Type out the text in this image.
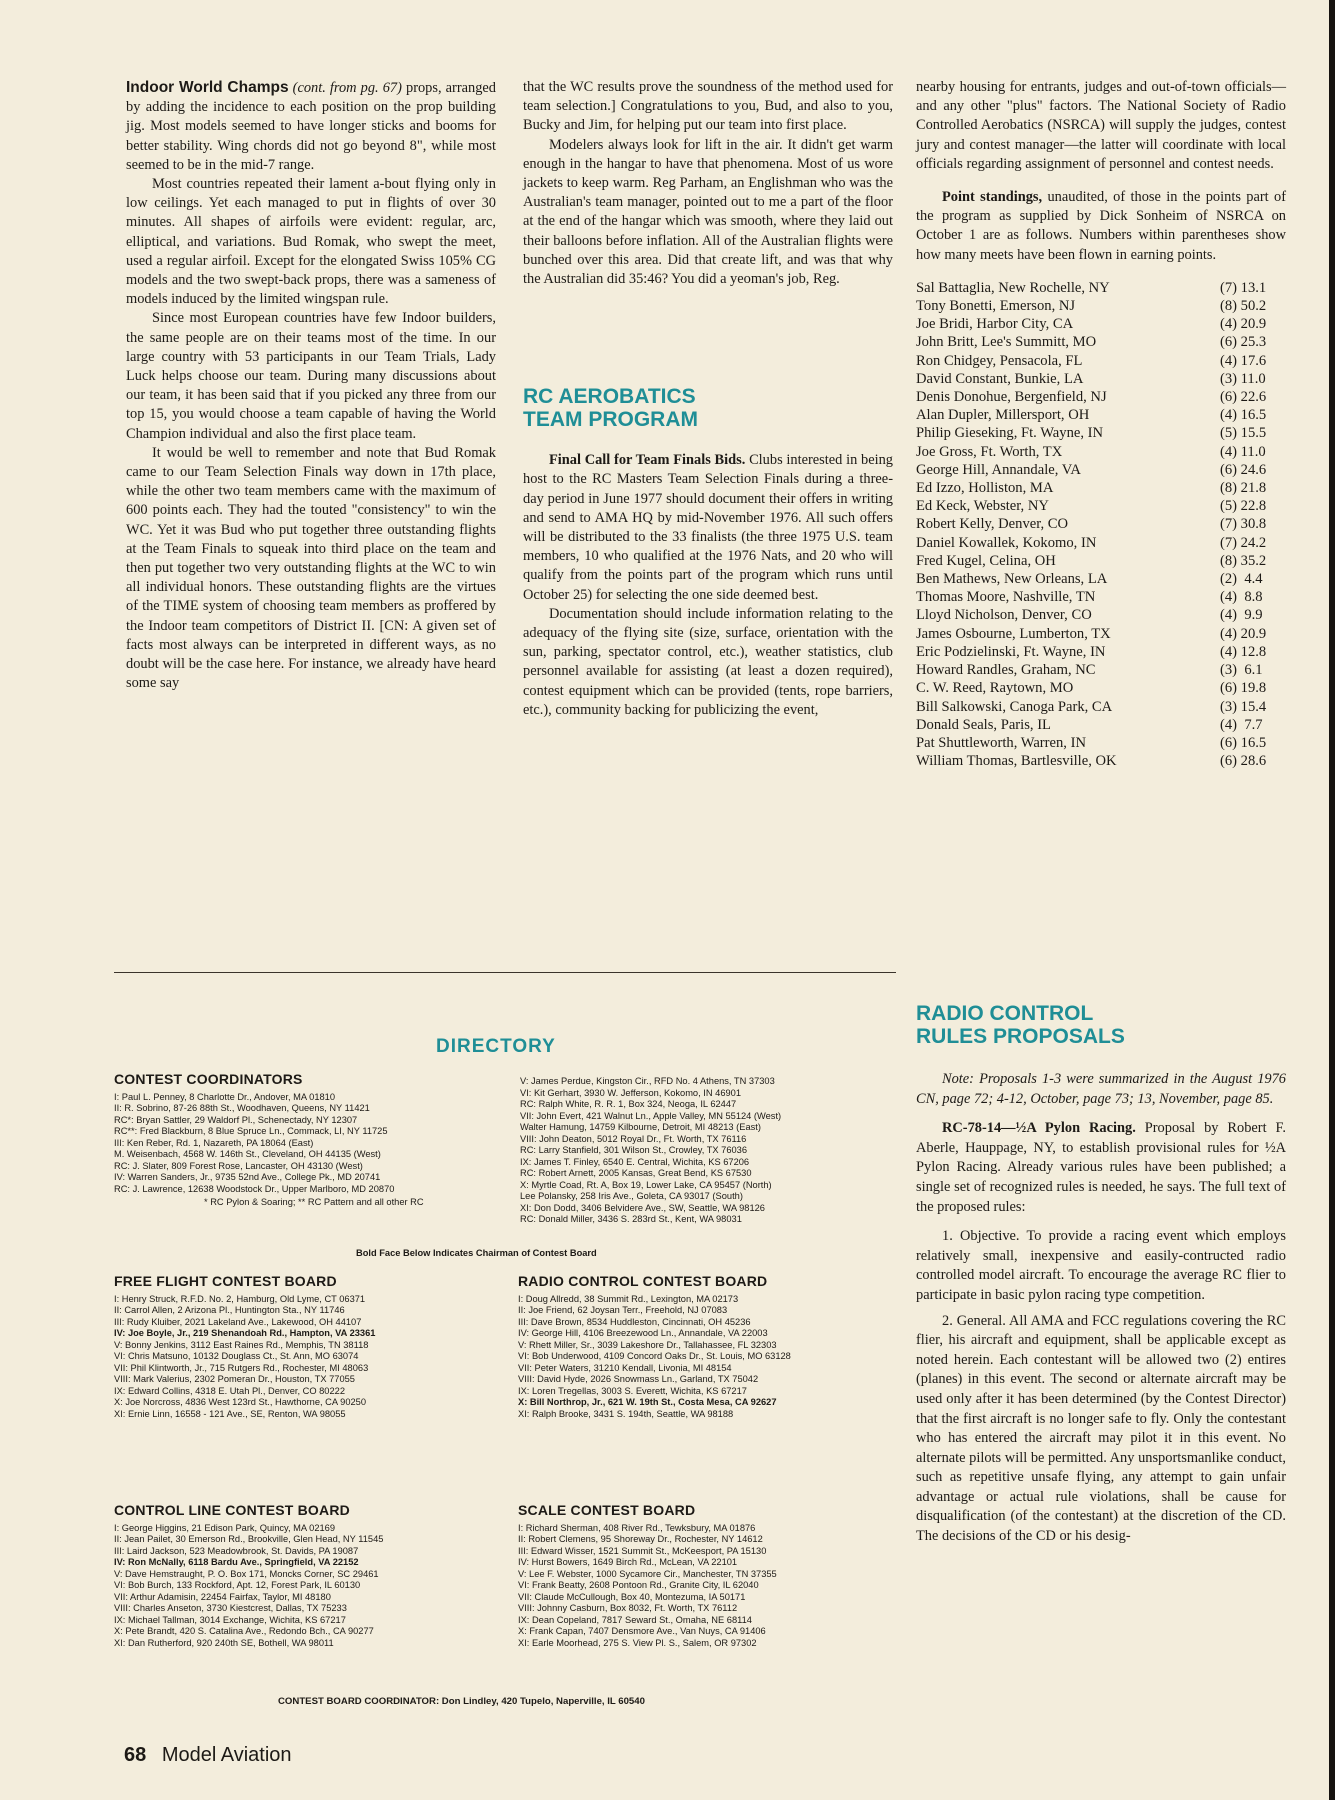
Indoor World Champs (cont. from pg. 67) props, arranged by adding the incidence to each position on the prop building jig. Most models seemed to have longer sticks and booms for better stability. Wing chords did not go beyond 8", while most seemed to be in the mid-7 range.

Most countries repeated their lament a-bout flying only in low ceilings. Yet each managed to put in flights of over 30 minutes. All shapes of airfoils were evident: regular, arc, elliptical, and variations. Bud Romak, who swept the meet, used a regular airfoil. Except for the elongated Swiss 105% CG models and the two swept-back props, there was a sameness of models induced by the limited wingspan rule.

Since most European countries have few Indoor builders, the same people are on their teams most of the time. In our large country with 53 participants in our Team Trials, Lady Luck helps choose our team. During many discussions about our team, it has been said that if you picked any three from our top 15, you would choose a team capable of having the World Champion individual and also the first place team.

It would be well to remember and note that Bud Romak came to our Team Selection Finals way down in 17th place, while the other two team members came with the maximum of 600 points each. They had the touted "consistency" to win the WC. Yet it was Bud who put together three outstanding flights at the Team Finals to squeak into third place on the team and then put together two very outstanding flights at the WC to win all individual honors. These outstanding flights are the virtues of the TIME system of choosing team members as proffered by the Indoor team competitors of District II. [CN: A given set of facts most always can be interpreted in different ways, as no doubt will be the case here. For instance, we already have heard some say

that the WC results prove the soundness of the method used for team selection.] Congratulations to you, Bud, and also to you, Bucky and Jim, for helping put our team into first place.

Modelers always look for lift in the air. It didn't get warm enough in the hangar to have that phenomena. Most of us wore jackets to keep warm. Reg Parham, an Englishman who was the Australian's team manager, pointed out to me a part of the floor at the end of the hangar which was smooth, where they laid out their balloons before inflation. All of the Australian flights were bunched over this area. Did that create lift, and was that why the Australian did 35:46? You did a yeoman's job, Reg.

RC AEROBATICS
TEAM PROGRAM

Final Call for Team Finals Bids. Clubs interested in being host to the RC Masters Team Selection Finals during a three-day period in June 1977 should document their offers in writing and send to AMA HQ by mid-November 1976. All such offers will be distributed to the 33 finalists (the three 1975 U.S. team members, 10 who qualified at the 1976 Nats, and 20 who will qualify from the points part of the program which runs until October 25) for selecting the one side deemed best.

Documentation should include information relating to the adequacy of the flying site (size, surface, orientation with the sun, parking, spectator control, etc.), weather statistics, club personnel available for assisting (at least a dozen required), contest equipment which can be provided (tents, rope barriers, etc.), community backing for publicizing the event,

nearby housing for entrants, judges and out-of-town officials—and any other "plus" factors. The National Society of Radio Controlled Aerobatics (NSRCA) will supply the judges, contest jury and contest manager—the latter will coordinate with local officials regarding assignment of personnel and contest needs.

Point standings, unaudited, of those in the points part of the program as supplied by Dick Sonheim of NSRCA on October 1 are as follows. Numbers within parentheses show how many meets have been flown in earning points.

Sal Battaglia, New Rochelle, NY	(7) 13.1
Tony Bonetti, Emerson, NJ	(8) 50.2
Joe Bridi, Harbor City, CA	(4) 20.9
John Britt, Lee's Summitt, MO	(6) 25.3
Ron Chidgey, Pensacola, FL	(4) 17.6
David Constant, Bunkie, LA	(3) 11.0
Denis Donohue, Bergenfield, NJ	(6) 22.6
Alan Dupler, Millersport, OH	(4) 16.5
Philip Gieseking, Ft. Wayne, IN	(5) 15.5
Joe Gross, Ft. Worth, TX	(4) 11.0
George Hill, Annandale, VA	(6) 24.6
Ed Izzo, Holliston, MA	(8) 21.8
Ed Keck, Webster, NY	(5) 22.8
Robert Kelly, Denver, CO	(7) 30.8
Daniel Kowallek, Kokomo, IN	(7) 24.2
Fred Kugel, Celina, OH	(8) 35.2
Ben Mathews, New Orleans, LA	(2)  4.4
Thomas Moore, Nashville, TN	(4)  8.8
Lloyd Nicholson, Denver, CO	(4)  9.9
James Osbourne, Lumberton, TX	(4) 20.9
Eric Podzielinski, Ft. Wayne, IN	(4) 12.8
Howard Randles, Graham, NC	(3)  6.1
C. W. Reed, Raytown, MO	(6) 19.8
Bill Salkowski, Canoga Park, CA	(3) 15.4
Donald Seals, Paris, IL	(4)  7.7
Pat Shuttleworth, Warren, IN	(6) 16.5
William Thomas, Bartlesville, OK	(6) 28.6
RADIO CONTROL
RULES PROPOSALS

Note: Proposals 1-3 were summarized in the August 1976 CN, page 72; 4-12, October, page 73; 13, November, page 85.

RC-78-14—½A Pylon Racing. Proposal by Robert F. Aberle, Hauppage, NY, to establish provisional rules for ½A Pylon Racing. Already various rules have been published; a single set of recognized rules is needed, he says. The full text of the proposed rules:

1. Objective. To provide a racing event which employs relatively small, inexpensive and easily-contructed radio controlled model aircraft. To encourage the average RC flier to participate in basic pylon racing type competition.

2. General. All AMA and FCC regulations covering the RC flier, his aircraft and equipment, shall be applicable except as noted herein. Each contestant will be allowed two (2) entires (planes) in this event. The second or alternate aircraft may be used only after it has been determined (by the Contest Director) that the first aircraft is no longer safe to fly. Only the contestant who has entered the aircraft may pilot it in this event. No alternate pilots will be permitted. Any unsportsmanlike conduct, such as repetitive unsafe flying, any attempt to gain unfair advantage or actual rule violations, shall be cause for disqualification (of the contestant) at the discretion of the CD. The decisions of the CD or his desig-

DIRECTORY
CONTEST COORDINATORS
I: Paul L. Penney, 8 Charlotte Dr., Andover, MA 01810
II: R. Sobrino, 87-26 88th St., Woodhaven, Queens, NY 11421
RC*: Bryan Sattler, 29 Waldorf Pl., Schenectady, NY 12307
RC**: Fred Blackburn, 8 Blue Spruce Ln., Commack, LI, NY 11725
III: Ken Reber, Rd. 1, Nazareth, PA 18064 (East)
M. Weisenbach, 4568 W. 146th St., Cleveland, OH 44135 (West)
RC: J. Slater, 809 Forest Rose, Lancaster, OH 43130 (West)
IV: Warren Sanders, Jr., 9735 52nd Ave., College Pk., MD 20741
RC: J. Lawrence, 12638 Woodstock Dr., Upper Marlboro, MD 20870
* RC Pylon & Soaring; ** RC Pattern and all other RC
V: James Perdue, Kingston Cir., RFD No. 4 Athens, TN 37303
VI: Kit Gerhart, 3930 W. Jefferson, Kokomo, IN 46901
RC: Ralph White, R. R. 1, Box 324, Neoga, IL 62447
VII: John Evert, 421 Walnut Ln., Apple Valley, MN 55124 (West)
Walter Hamung, 14759 Kilbourne, Detroit, MI 48213 (East)
VIII: John Deaton, 5012 Royal Dr., Ft. Worth, TX 76116
RC: Larry Stanfield, 301 Wilson St., Crowley, TX 76036
IX: James T. Finley, 6540 E. Central, Wichita, KS 67206
RC: Robert Arnett, 2005 Kansas, Great Bend, KS 67530
X: Myrtle Coad, Rt. A, Box 19, Lower Lake, CA 95457 (North)
Lee Polansky, 258 Iris Ave., Goleta, CA 93017 (South)
XI: Don Dodd, 3406 Belvidere Ave., SW, Seattle, WA 98126
RC: Donald Miller, 3436 S. 283rd St., Kent, WA 98031
Bold Face Below Indicates Chairman of Contest Board
FREE FLIGHT CONTEST BOARD
I: Henry Struck, R.F.D. No. 2, Hamburg, Old Lyme, CT 06371
II: Carrol Allen, 2 Arizona Pl., Huntington Sta., NY 11746
III: Rudy Kluiber, 2021 Lakeland Ave., Lakewood, OH 44107
IV: Joe Boyle, Jr., 219 Shenandoah Rd., Hampton, VA 23361
V: Bonny Jenkins, 3112 East Raines Rd., Memphis, TN 38118
VI: Chris Matsuno, 10132 Douglass Ct., St. Ann, MO 63074
VII: Phil Klintworth, Jr., 715 Rutgers Rd., Rochester, MI 48063
VIII: Mark Valerius, 2302 Pomeran Dr., Houston, TX 77055
IX: Edward Collins, 4318 E. Utah Pl., Denver, CO 80222
X: Joe Norcross, 4836 West 123rd St., Hawthorne, CA 90250
XI: Ernie Linn, 16558 - 121 Ave., SE, Renton, WA 98055
RADIO CONTROL CONTEST BOARD
I: Doug Allredd, 38 Summit Rd., Lexington, MA 02173
II: Joe Friend, 62 Joysan Terr., Freehold, NJ 07083
III: Dave Brown, 8534 Huddleston, Cincinnati, OH 45236
IV: George Hill, 4106 Breezewood Ln., Annandale, VA 22003
V: Rhett Miller, Sr., 3039 Lakeshore Dr., Tallahassee, FL 32303
VI: Bob Underwood, 4109 Concord Oaks Dr., St. Louis, MO 63128
VII: Peter Waters, 31210 Kendall, Livonia, MI 48154
VIII: David Hyde, 2026 Snowmass Ln., Garland, TX 75042
IX: Loren Tregellas, 3003 S. Everett, Wichita, KS 67217
X: Bill Northrop, Jr., 621 W. 19th St., Costa Mesa, CA 92627
XI: Ralph Brooke, 3431 S. 194th, Seattle, WA 98188
CONTROL LINE CONTEST BOARD
I: George Higgins, 21 Edison Park, Quincy, MA 02169
II: Jean Pailet, 30 Emerson Rd., Brookville, Glen Head, NY 11545
III: Laird Jackson, 523 Meadowbrook, St. Davids, PA 19087
IV: Ron McNally, 6118 Bardu Ave., Springfield, VA 22152
V: Dave Hemstraught, P. O. Box 171, Moncks Corner, SC 29461
VI: Bob Burch, 133 Rockford, Apt. 12, Forest Park, IL 60130
VII: Arthur Adamisin, 22454 Fairfax, Taylor, MI 48180
VIII: Charles Anseton, 3730 Kiestcrest, Dallas, TX 75233
IX: Michael Tallman, 3014 Exchange, Wichita, KS 67217
X: Pete Brandt, 420 S. Catalina Ave., Redondo Bch., CA 90277
XI: Dan Rutherford, 920 240th SE, Bothell, WA 98011
SCALE CONTEST BOARD
I: Richard Sherman, 408 River Rd., Tewksbury, MA 01876
II: Robert Clemens, 95 Shoreway Dr., Rochester, NY 14612
III: Edward Wisser, 1521 Summit St., McKeesport, PA 15130
IV: Hurst Bowers, 1649 Birch Rd., McLean, VA 22101
V: Lee F. Webster, 1000 Sycamore Cir., Manchester, TN 37355
VI: Frank Beatty, 2608 Pontoon Rd., Granite City, IL 62040
VII: Claude McCullough, Box 40, Montezuma, IA 50171
VIII: Johnny Casburn, Box 8032, Ft. Worth, TX 76112
IX: Dean Copeland, 7817 Seward St., Omaha, NE 68114
X: Frank Capan, 7407 Densmore Ave., Van Nuys, CA 91406
XI: Earle Moorhead, 275 S. View Pl. S., Salem, OR 97302
CONTEST BOARD COORDINATOR: Don Lindley, 420 Tupelo, Naperville, IL 60540
68 Model Aviation
